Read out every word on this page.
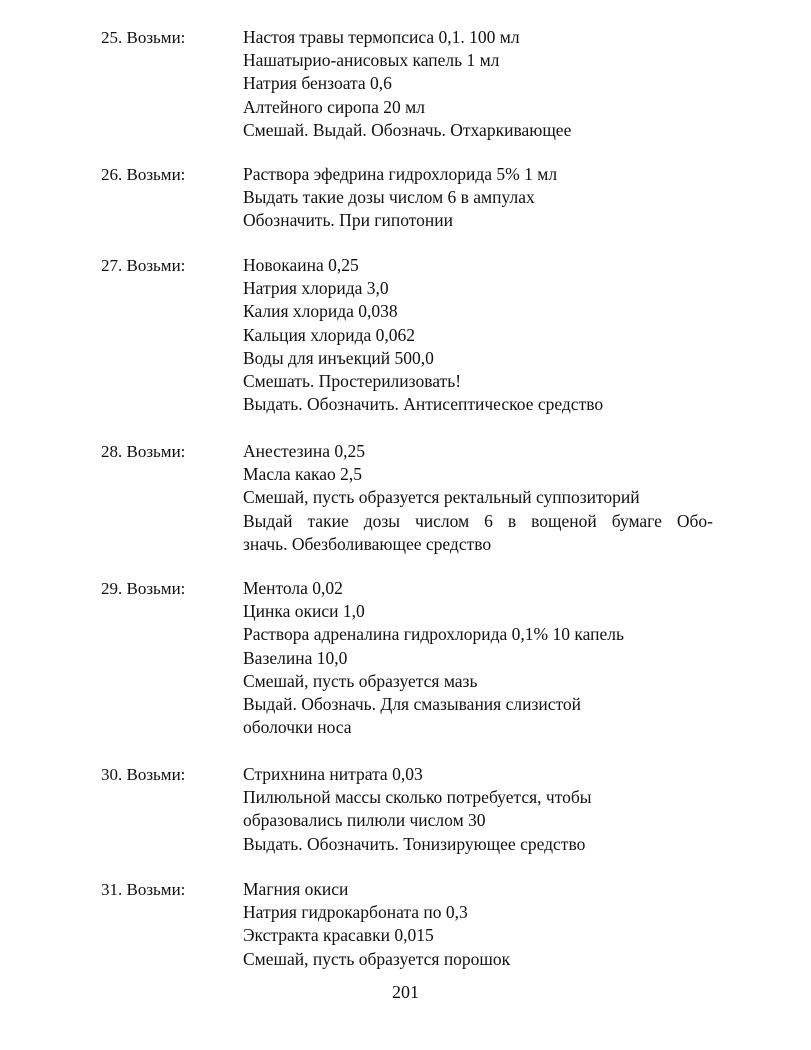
25. Возьми:	Настоя травы термопсиса 0,1. 100 мл
Нашатырио-анисовых капель 1 мл
Натрия бензоата 0,6
Алтейного сиропа 20 мл
Смешай. Выдай. Обозначь. Отхаркивающее
26. Возьми:	Раствора эфедрина гидрохлорида 5% 1 мл
Выдать такие дозы числом 6 в ампулах
Обозначить. При гипотонии
27. Возьми:	Новокаина 0,25
Натрия хлорида 3,0
Калия хлорида 0,038
Кальция хлорида 0,062
Воды для инъекций 500,0
Смешать. Простерилизовать!
Выдать. Обозначить. Антисептическое средство
28. Возьми:	Анестезина 0,25
Масла какао 2,5
Смешай, пусть образуется ректальный суппозиторий
Выдай такие дозы числом 6 в вощеной бумаге Обо-
значь. Обезболивающее средство
29. Возьми:	Ментола 0,02
Цинка окиси 1,0
Раствора адреналина гидрохлорида 0,1% 10 капель
Вазелина 10,0
Смешай, пусть образуется мазь
Выдай. Обозначь. Для смазывания слизистой
оболочки носа
30. Возьми:	Стрихнина нитрата 0,03
Пилюльной массы сколько потребуется, чтобы
образовались пилюли числом 30
Выдать. Обозначить. Тонизирующее средство
31. Возьми:	Магния окиси
Натрия гидрокарбоната по 0,3
Экстракта красавки 0,015
Смешай, пусть образуется порошок
201
